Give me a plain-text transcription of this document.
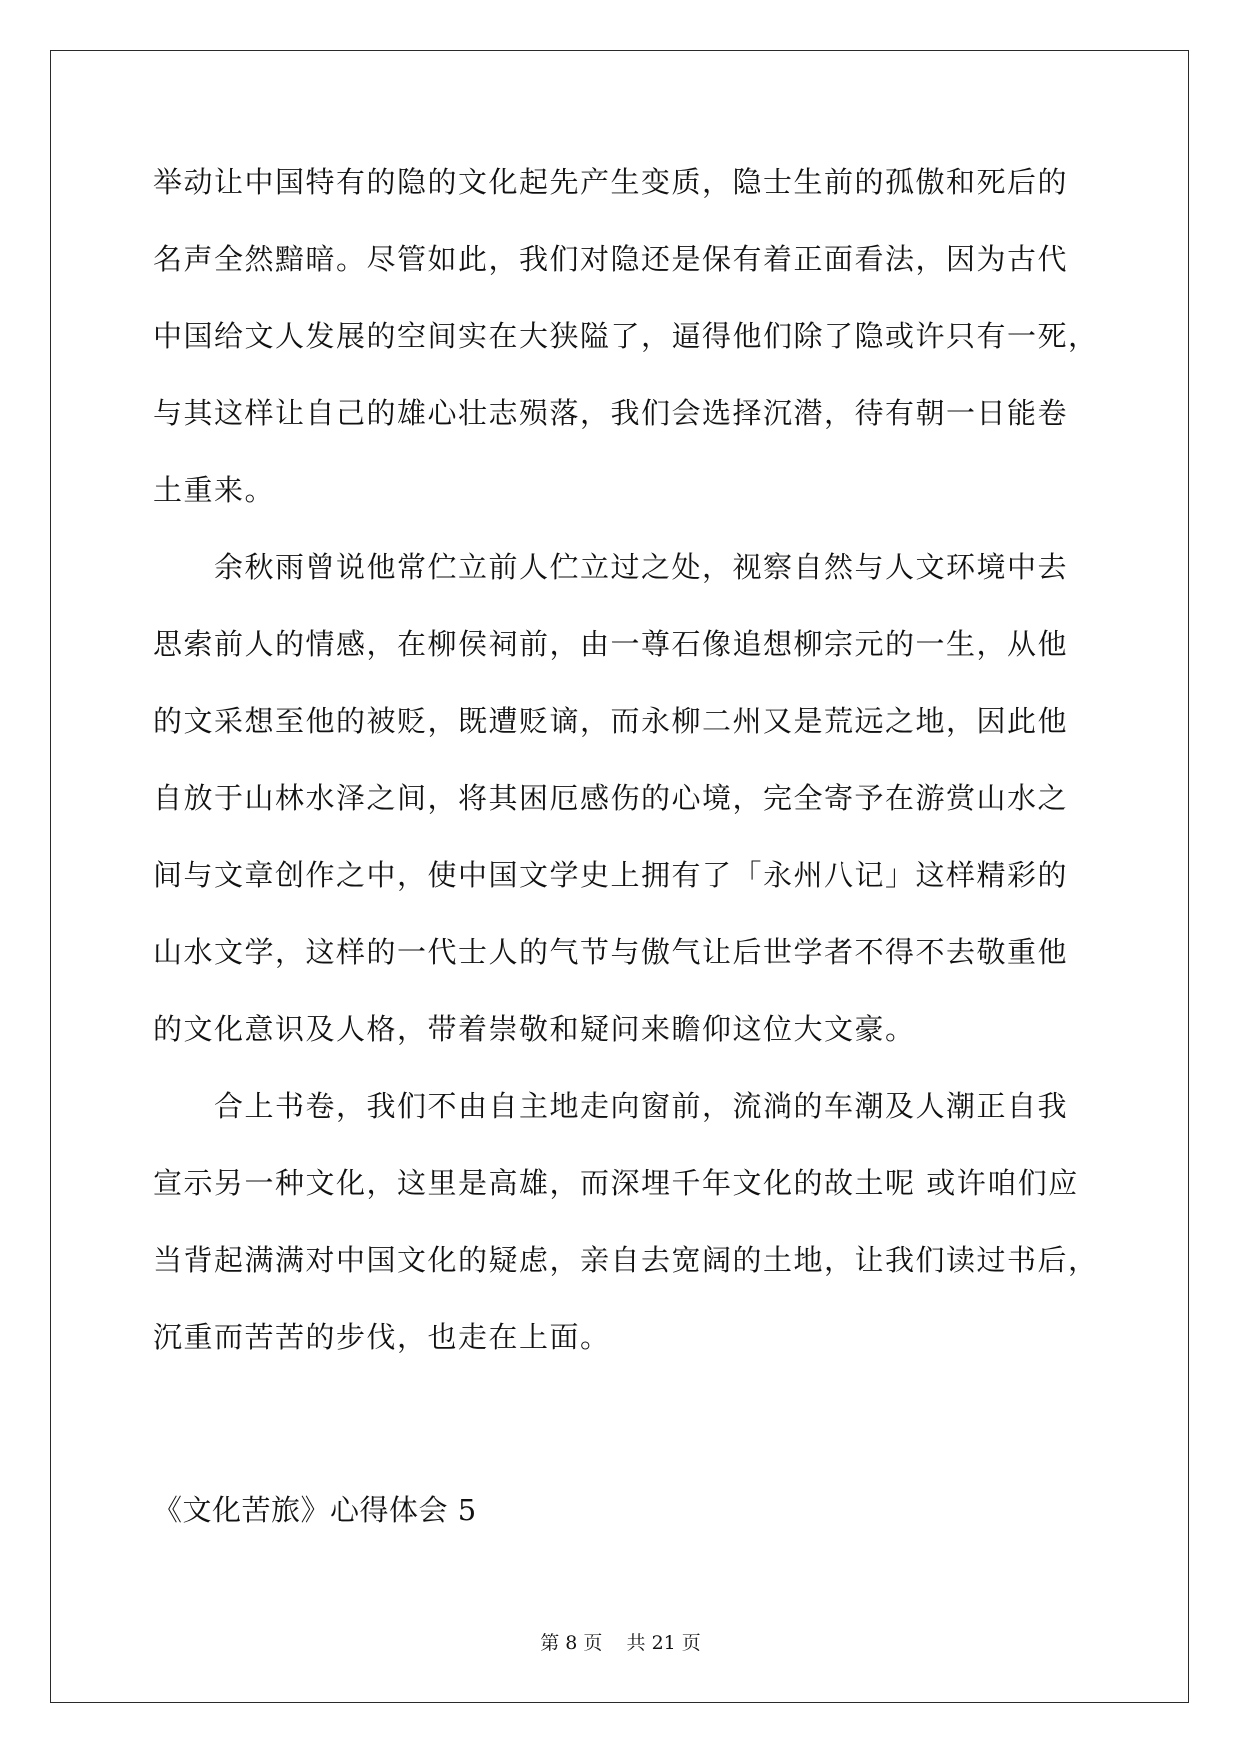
举动让中国特有的隐的文化起先产生变质，隐士生前的孤傲和死后的
名声全然黯暗。尽管如此，我们对隐还是保有着正面看法，因为古代
中国给文人发展的空间实在大狭隘了，逼得他们除了隐或许只有一死，
与其这样让自己的雄心壮志殒落，我们会选择沉潜，待有朝一日能卷
土重来。
　　余秋雨曾说他常伫立前人伫立过之处，视察自然与人文环境中去
思索前人的情感，在柳侯祠前，由一尊石像追想柳宗元的一生，从他
的文采想至他的被贬，既遭贬谪，而永柳二州又是荒远之地，因此他
自放于山林水泽之间，将其困厄感伤的心境，完全寄予在游赏山水之
间与文章创作之中，使中国文学史上拥有了「永州八记」这样精彩的
山水文学，这样的一代士人的气节与傲气让后世学者不得不去敬重他
的文化意识及人格，带着崇敬和疑问来瞻仰这位大文豪。
　　合上书卷，我们不由自主地走向窗前，流淌的车潮及人潮正自我
宣示另一种文化，这里是高雄，而深埋千年文化的故土呢 或许咱们应
当背起满满对中国文化的疑虑，亲自去宽阔的土地，让我们读过书后，
沉重而苦苦的步伐，也走在上面。
《文化苦旅》心得体会 5
第 8 页 共 21 页
